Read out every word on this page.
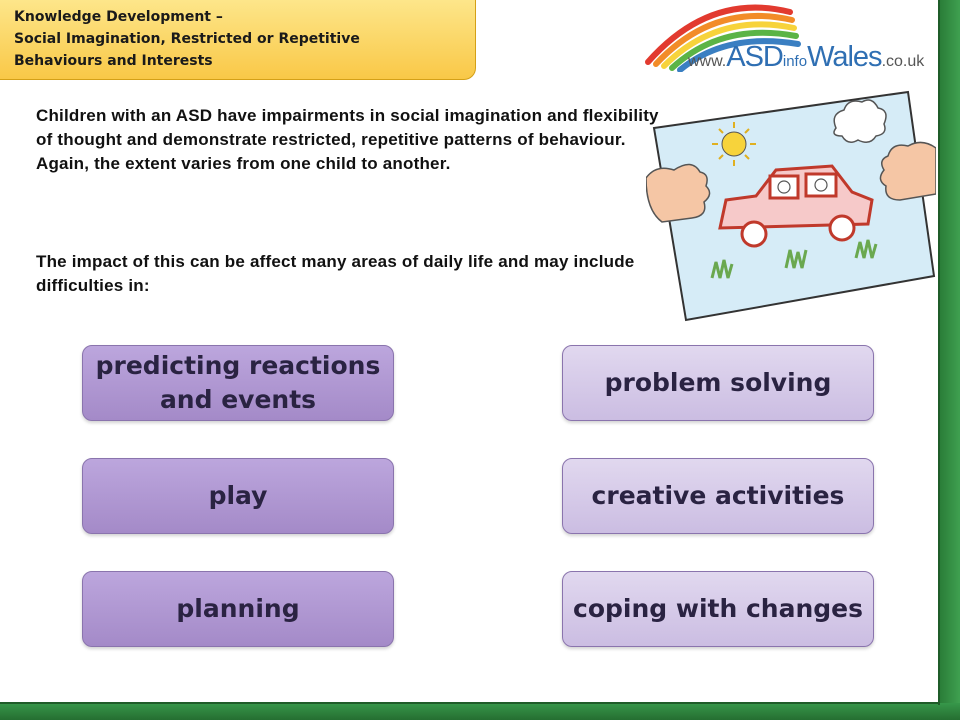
Knowledge Development –
Social Imagination, Restricted or Repetitive
Behaviours and Interests	www.ASDinfoWales.co.uk
Children with an ASD have impairments in social imagination and flexibility of thought and demonstrate restricted, repetitive patterns of behaviour. Again, the extent varies from one child to another.
The impact of this can be affect many areas of daily life and may include difficulties in:
predicting reactions and events
problem solving
play	creative activities
planning	coping with changes
